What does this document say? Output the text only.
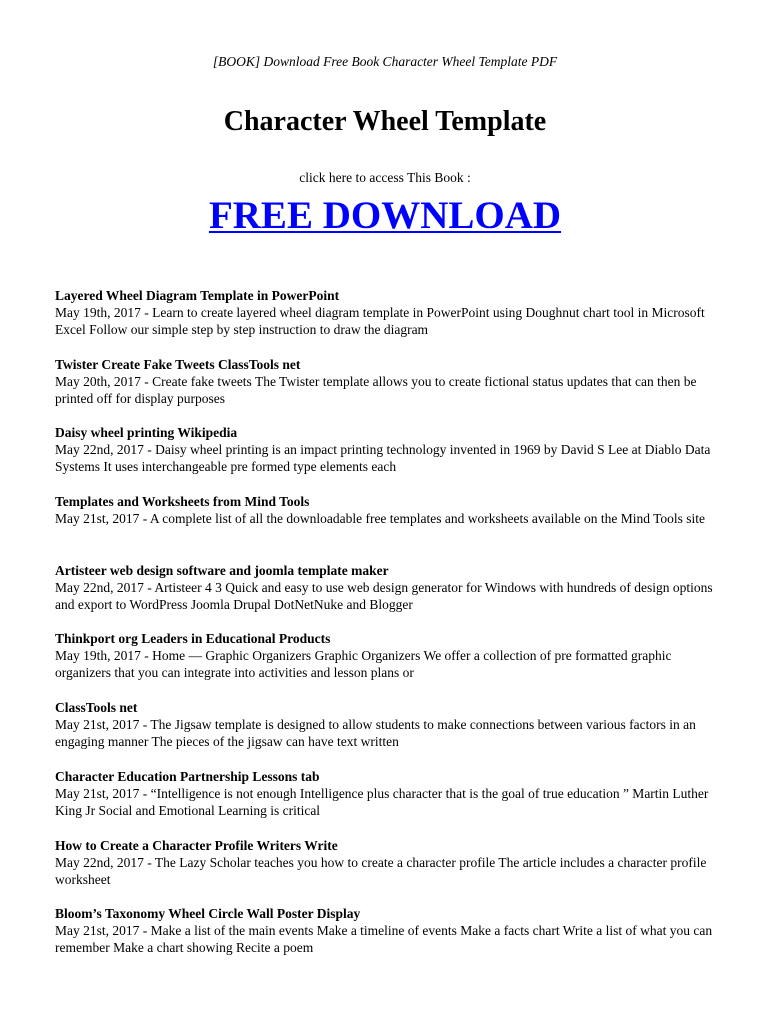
[BOOK] Download Free Book Character Wheel Template PDF
Character Wheel Template
click here to access This Book :
FREE DOWNLOAD
Layered Wheel Diagram Template in PowerPoint
May 19th, 2017 - Learn to create layered wheel diagram template in PowerPoint using Doughnut chart tool in Microsoft Excel Follow our simple step by step instruction to draw the diagram
Twister Create Fake Tweets ClassTools net
May 20th, 2017 - Create fake tweets The Twister template allows you to create fictional status updates that can then be printed off for display purposes
Daisy wheel printing Wikipedia
May 22nd, 2017 - Daisy wheel printing is an impact printing technology invented in 1969 by David S Lee at Diablo Data Systems It uses interchangeable pre formed type elements each
Templates and Worksheets from Mind Tools
May 21st, 2017 - A complete list of all the downloadable free templates and worksheets available on the Mind Tools site
Artisteer web design software and joomla template maker
May 22nd, 2017 - Artisteer 4 3 Quick and easy to use web design generator for Windows with hundreds of design options and export to WordPress Joomla Drupal DotNetNuke and Blogger
Thinkport org Leaders in Educational Products
May 19th, 2017 - Home — Graphic Organizers Graphic Organizers We offer a collection of pre formatted graphic organizers that you can integrate into activities and lesson plans or
ClassTools net
May 21st, 2017 - The Jigsaw template is designed to allow students to make connections between various factors in an engaging manner The pieces of the jigsaw can have text written
Character Education Partnership Lessons tab
May 21st, 2017 - “Intelligence is not enough Intelligence plus character that is the goal of true education ” Martin Luther King Jr Social and Emotional Learning is critical
How to Create a Character Profile Writers Write
May 22nd, 2017 - The Lazy Scholar teaches you how to create a character profile The article includes a character profile worksheet
Bloom’s Taxonomy Wheel Circle Wall Poster Display
May 21st, 2017 - Make a list of the main events Make a timeline of events Make a facts chart Write a list of what you can remember Make a chart showing Recite a poem
